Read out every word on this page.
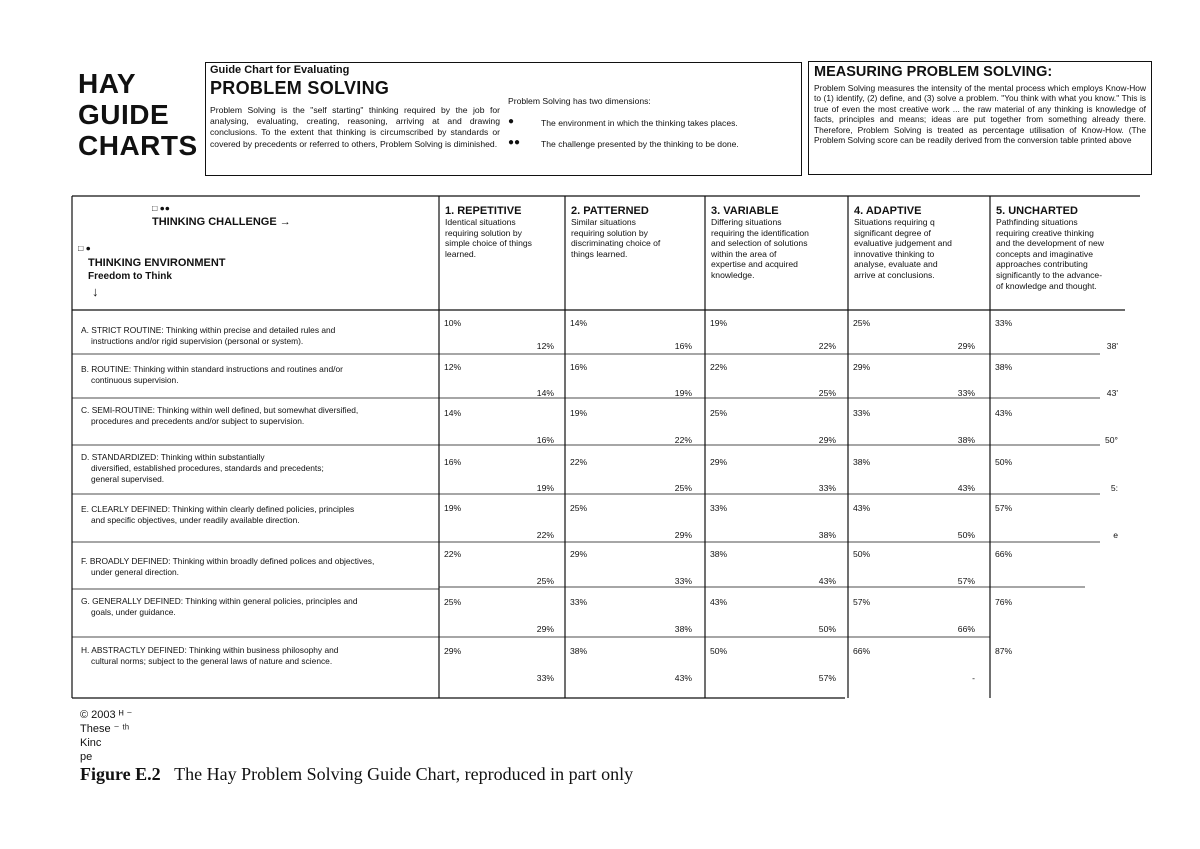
HAY
GUIDE
CHARTS
Guide Chart for Evaluating
PROBLEM SOLVING
Problem Solving is the "self starting" thinking required by the job for analysing, evaluating, creating, reasoning, arriving at and drawing conclusions. To the extent that thinking is circumscribed by standards or covered by precedents or referred to others, Problem Solving is diminished.
Problem Solving has two dimensions:
●	The environment in which the thinking takes places.
●● The challenge presented by the thinking to be done.
MEASURING PROBLEM SOLVING:
Problem Solving measures the intensity of the mental process which employs Know-How to (1) identify, (2) define, and (3) solve a problem. "You think with what you know." This is true of even the most creative work ... the raw material of any thinking is knowledge of facts, principles and means; ideas are put together from something already there. Therefore, Problem Solving is treated as percentage utilisation of Know-How. (The Problem Solving score can be readily derived from the conversion table printed above
□ ●●
THINKING CHALLENGE →
□ ●
THINKING ENVIRONMENT
Freedom to Think
↓
1. REPETITIVE
Identical situations
requiring solution by
simple choice of things
learned.
2. PATTERNED
Similar situations
requiring solution by
discriminating choice of
things learned.
3. VARIABLE
Differing situations
requiring the identification
and selection of solutions
within the area of
expertise and acquired
knowledge.
4. ADAPTIVE
Situations requiring q
significant degree of
evaluative judgement and
innovative thinking to
analyse, evaluate and
arrive at conclusions.
5. UNCHARTED
Pathfinding situations
requiring creative thinking
and the development of new
concepts and imaginative
approaches contributing
significantly to the advance-
of knowledge and thought.
A. STRICT ROUTINE: Thinking within precise and detailed rules and
instructions and/or rigid supervision (personal or system).
B. ROUTINE: Thinking within standard instructions and routines and/or
continuous supervision.
C. SEMI-ROUTINE: Thinking within well defined, but somewhat diversified,
procedures and precedents and/or subject to supervision.
D. STANDARDIZED: Thinking within substantially
diversified, established procedures, standards and precedents;
general supervised.
E. CLEARLY DEFINED: Thinking within clearly defined policies, principles
and specific objectives, under readily available direction.
F. BROADLY DEFINED: Thinking within broadly defined polices and objectives,
under general direction.
G. GENERALLY DEFINED: Thinking within general policies, principles and
goals, under guidance.
H. ABSTRACTLY DEFINED: Thinking within business philosophy and
cultural norms; subject to the general laws of nature and science.
10%
12%
14%
16%
19%
22%
25%
29%
33%
38'
12%
14%
16%
19%
22%
25%
29%
33%
38%
43'
14%
16%
19%
22%
25%
29%
33%
38%
43%
50°
16%
19%
22%
25%
29%
33%
38%
43%
50%
5:
19%
22%
25%
29%
33%
38%
43%
50%
57%
e
22%
25%
29%
33%
38%
43%
50%
57%
66%
25%
29%
33%
38%
43%
50%
57%
66%
76%
29%
33%
38%
43%
50%
57%
66%
-
87%
© 2003 ᴴ ⁻
These ⁻ ᵗʰ
Kinc
pe
Figure E.2 The Hay Problem Solving Guide Chart, reproduced in part only
